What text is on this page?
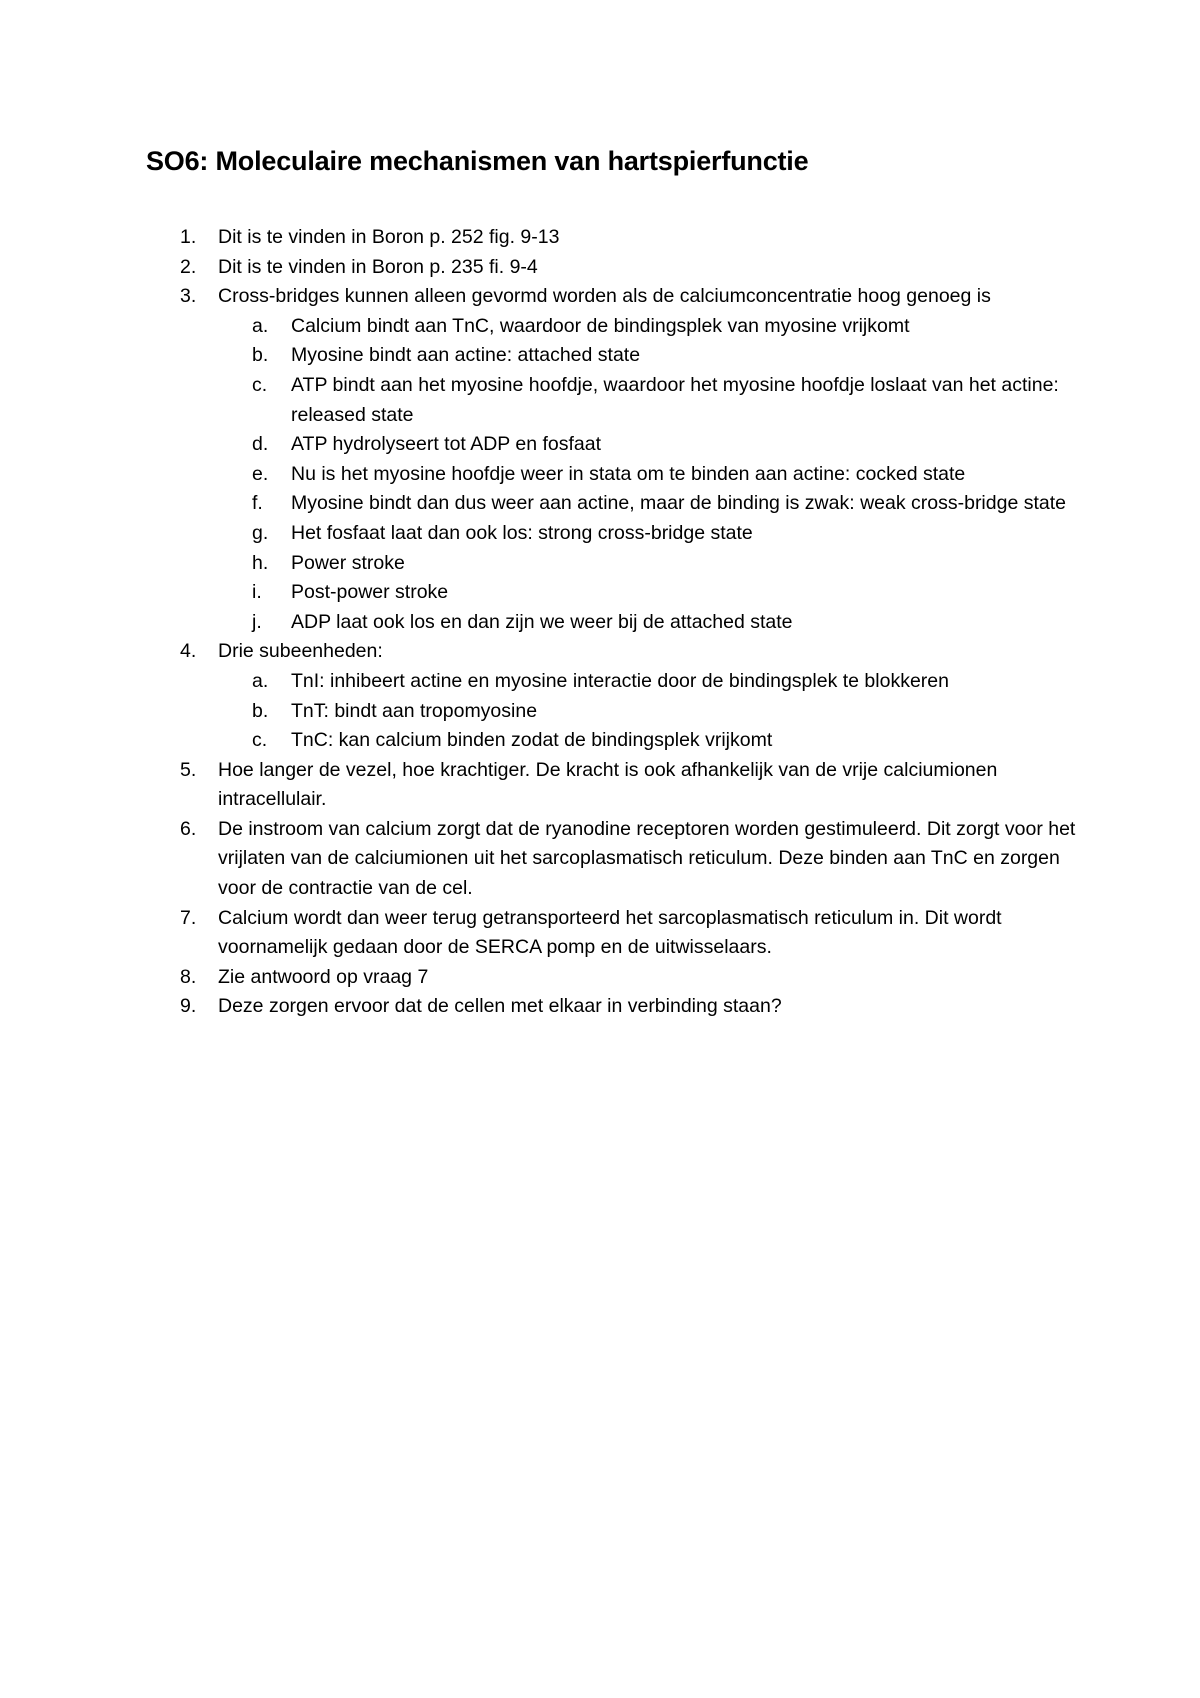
SO6: Moleculaire mechanismen van hartspierfunctie
1. Dit is te vinden in Boron p. 252 fig. 9-13
2. Dit is te vinden in Boron p. 235 fi. 9-4
3. Cross-bridges kunnen alleen gevormd worden als de calciumconcentratie hoog genoeg is
a. Calcium bindt aan TnC, waardoor de bindingsplek van myosine vrijkomt
b. Myosine bindt aan actine: attached state
c. ATP bindt aan het myosine hoofdje, waardoor het myosine hoofdje loslaat van het actine: released state
d. ATP hydrolyseert tot ADP en fosfaat
e. Nu is het myosine hoofdje weer in stata om te binden aan actine: cocked state
f. Myosine bindt dan dus weer aan actine, maar de binding is zwak: weak cross-bridge state
g. Het fosfaat laat dan ook los: strong cross-bridge state
h. Power stroke
i. Post-power stroke
j. ADP laat ook los en dan zijn we weer bij de attached state
4. Drie subeenheden:
a. TnI: inhibeert actine en myosine interactie door de bindingsplek te blokkeren
b. TnT: bindt aan tropomyosine
c. TnC: kan calcium binden zodat de bindingsplek vrijkomt
5. Hoe langer de vezel, hoe krachtiger. De kracht is ook afhankelijk van de vrije calciumionen intracellulair.
6. De instroom van calcium zorgt dat de ryanodine receptoren worden gestimuleerd. Dit zorgt voor het vrijlaten van de calciumionen uit het sarcoplasmatisch reticulum. Deze binden aan TnC en zorgen voor de contractie van de cel.
7. Calcium wordt dan weer terug getransporteerd het sarcoplasmatisch reticulum in. Dit wordt voornamelijk gedaan door de SERCA pomp en de uitwisselaars.
8. Zie antwoord op vraag 7
9. Deze zorgen ervoor dat de cellen met elkaar in verbinding staan?
